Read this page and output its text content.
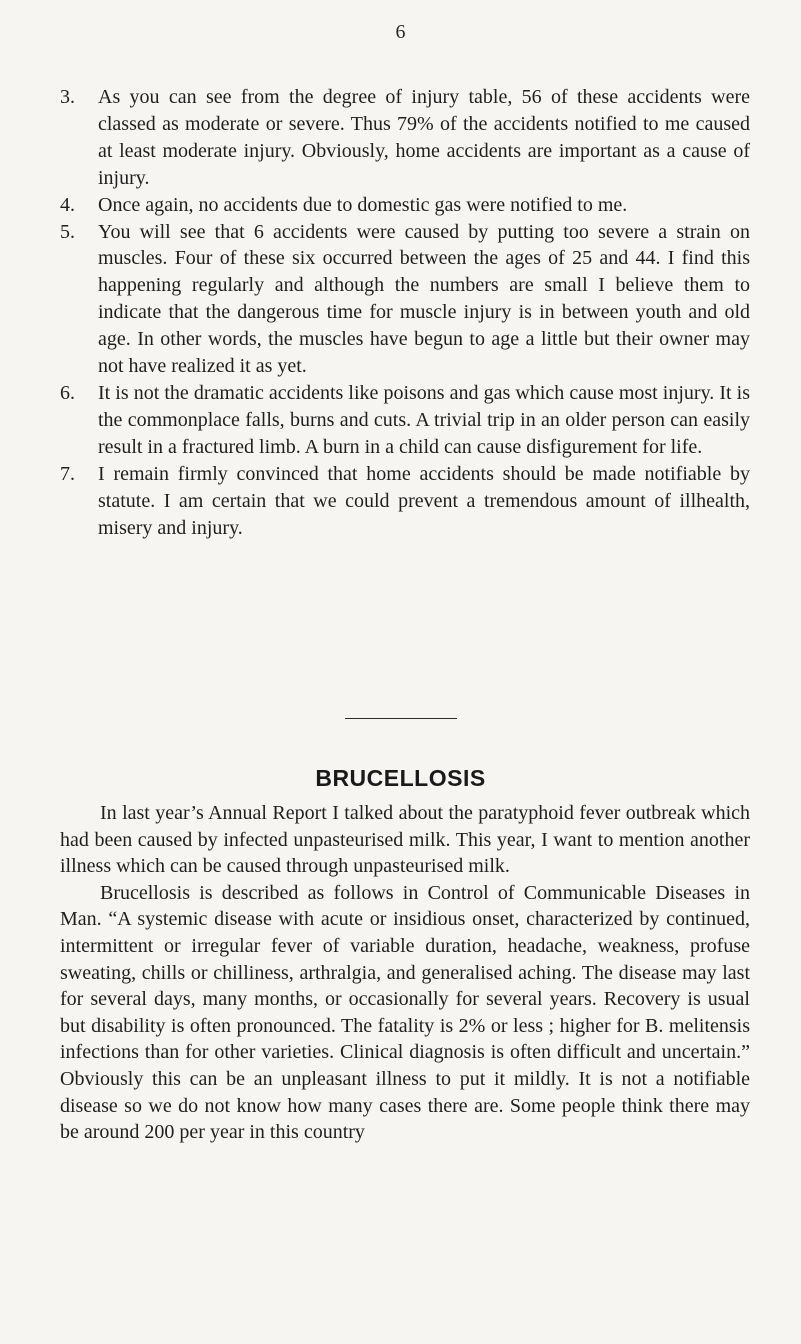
6
3.	As you can see from the degree of injury table, 56 of these accidents were classed as moderate or severe. Thus 79% of the accidents notified to me caused at least moderate injury. Obviously, home accidents are important as a cause of injury.
4.	Once again, no accidents due to domestic gas were notified to me.
5.	You will see that 6 accidents were caused by putting too severe a strain on muscles. Four of these six occurred between the ages of 25 and 44. I find this happening regularly and although the numbers are small I believe them to indicate that the dangerous time for muscle injury is in between youth and old age. In other words, the muscles have begun to age a little but their owner may not have realized it as yet.
6.	It is not the dramatic accidents like poisons and gas which cause most injury. It is the commonplace falls, burns and cuts. A trivial trip in an older person can easily result in a fractured limb. A burn in a child can cause disfigurement for life.
7.	I remain firmly convinced that home accidents should be made notifiable by statute. I am certain that we could prevent a tremendous amount of illhealth, misery and injury.
BRUCELLOSIS

In last year’s Annual Report I talked about the paratyphoid fever outbreak which had been caused by infected unpasteurised milk. This year, I want to mention another illness which can be caused through unpasteurised milk.

Brucellosis is described as follows in Control of Communicable Diseases in Man. “A systemic disease with acute or insidious onset, characterized by continued, intermittent or irregular fever of variable duration, headache, weakness, profuse sweating, chills or chilliness, arthralgia, and generalised aching. The disease may last for several days, many months, or occasionally for several years. Recovery is usual but disability is often pronounced. The fatality is 2% or less ; higher for B. melitensis infections than for other varieties. Clinical diagnosis is often difficult and uncertain.” Obviously this can be an unpleasant illness to put it mildly. It is not a notifiable disease so we do not know how many cases there are. Some people think there may be around 200 per year in this country
